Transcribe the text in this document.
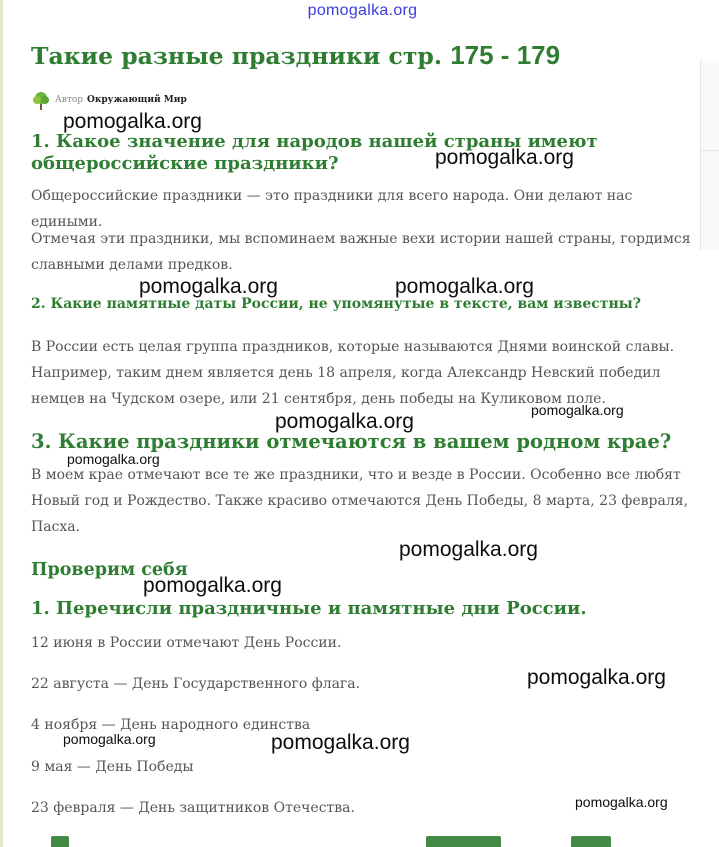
pomogalka.org
Такие разные праздники стр. 175 - 179
Автор Окружающий Мир
1. Какое значение для народов нашей страны имеют общероссийские праздники?
Общероссийские праздники — это праздники для всего народа. Они делают нас едиными.
Отмечая эти праздники, мы вспоминаем важные вехи истории нашей страны, гордимся славными делами предков.
2. Какие памятные даты России, не упомянутые в тексте, вам известны?
В России есть целая группа праздников, которые называются Днями воинской славы. Например, таким днем является день 18 апреля, когда Александр Невский победил немцев на Чудском озере, или 21 сентября, день победы на Куликовом поле.
3. Какие праздники отмечаются в вашем родном крае?
В моем крае отмечают все те же праздники, что и везде в России. Особенно все любят Новый год и Рождество. Также красиво отмечаются День Победы, 8 марта, 23 февраля, Пасха.
Проверим себя
1. Перечисли праздничные и памятные дни России.
12 июня в России отмечают День России.
22 августа — День Государственного флага.
4 ноября — День народного единства
9 мая — День Победы
23 февраля — День защитников Отечества.
pomogalka.org
pomogalka.org
pomogalka.org	pomogalka.org
pomogalka.org	pomogalka.org
pomogalka.org
pomogalka.org
pomogalka.org
pomogalka.org
pomogalka.org	pomogalka.org
pomogalka.org
